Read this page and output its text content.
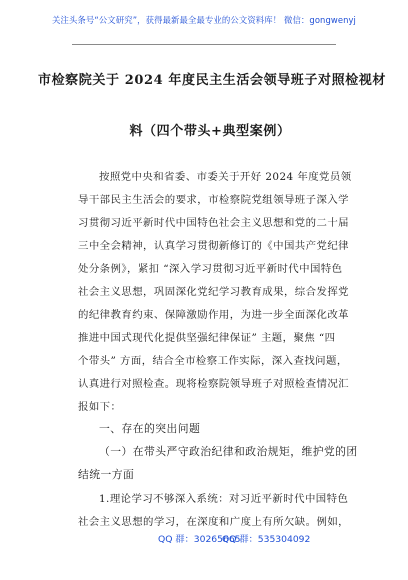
关注头条号“公文研究”，获得最新最全最专业的公文资料库！ 微信：gongwenyj
市检察院关于 2024 年度民主生活会领导班子对照检视材
料（四个带头+典型案例）
按照党中央和省委、市委关于开好 2024 年度党员领
导干部民主生活会的要求，市检察院党组领导班子深入学
习贯彻习近平新时代中国特色社会主义思想和党的二十届
三中全会精神，认真学习贯彻新修订的《中国共产党纪律
处分条例》，紧扣 “深入学习贯彻习近平新时代中国特色
社会主义思想，巩固深化党纪学习教育成果，综合发挥党
的纪律教育约束、保障激励作用，为进一步全面深化改革
推进中国式现代化提供坚强纪律保证” 主题，聚焦 “四
个带头” 方面，结合全市检察工作实际，深入查找问题，
认真进行对照检查。现将检察院领导班子对照检查情况汇
报如下：
一、存在的突出问题
（一）在带头严守政治纪律和政治规矩，维护党的团
结统一方面
1.理论学习不够深入系统：对习近平新时代中国特色
社会主义思想的学习，在深度和广度上有所欠缺。例如，
QQ 群：30265665
QQ 群：535304092
